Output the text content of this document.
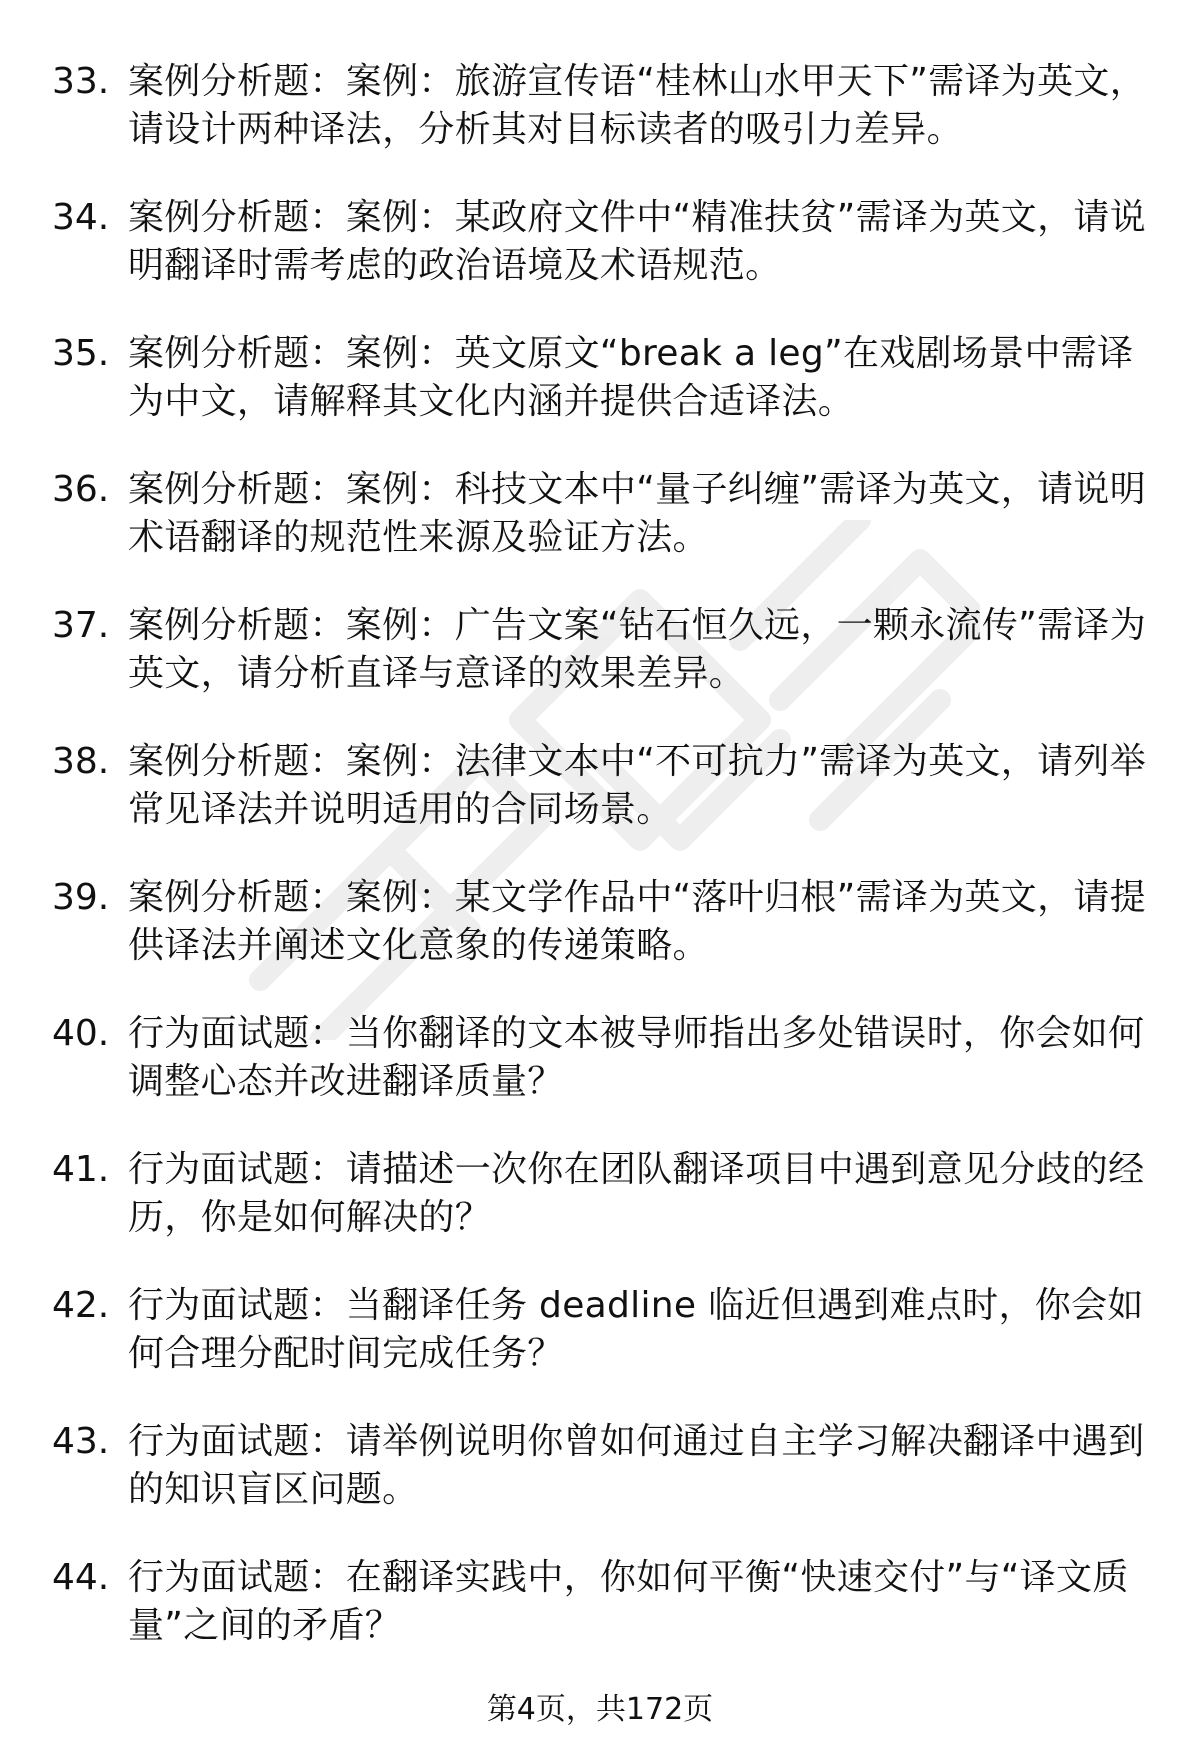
33. 案例分析题：案例：旅游宣传语“桂林山水甲天下”需译为英文，请设计两种译法，分析其对目标读者的吸引力差异。
34. 案例分析题：案例：某政府文件中“精准扶贫”需译为英文，请说明翻译时需考虑的政治语境及术语规范。
35. 案例分析题：案例：英文原文“break a leg”在戏剧场景中需译为中文，请解释其文化内涵并提供合适译法。
36. 案例分析题：案例：科技文本中“量子纠缠”需译为英文，请说明术语翻译的规范性来源及验证方法。
37. 案例分析题：案例：广告文案“钻石恒久远，一颗永流传”需译为英文，请分析直译与意译的效果差异。
38. 案例分析题：案例：法律文本中“不可抗力”需译为英文，请列举常见译法并说明适用的合同场景。
39. 案例分析题：案例：某文学作品中“落叶归根”需译为英文，请提供译法并阐述文化意象的传递策略。
40. 行为面试题：当你翻译的文本被导师指出多处错误时，你会如何调整心态并改进翻译质量？
41. 行为面试题：请描述一次你在团队翻译项目中遇到意见分歧的经历，你是如何解决的？
42. 行为面试题：当翻译任务 deadline 临近但遇到难点时，你会如何合理分配时间完成任务？
43. 行为面试题：请举例说明你曾如何通过自主学习解决翻译中遇到的知识盲区问题。
44. 行为面试题：在翻译实践中，你如何平衡“快速交付”与“译文质量”之间的矛盾？
第4页，共172页
